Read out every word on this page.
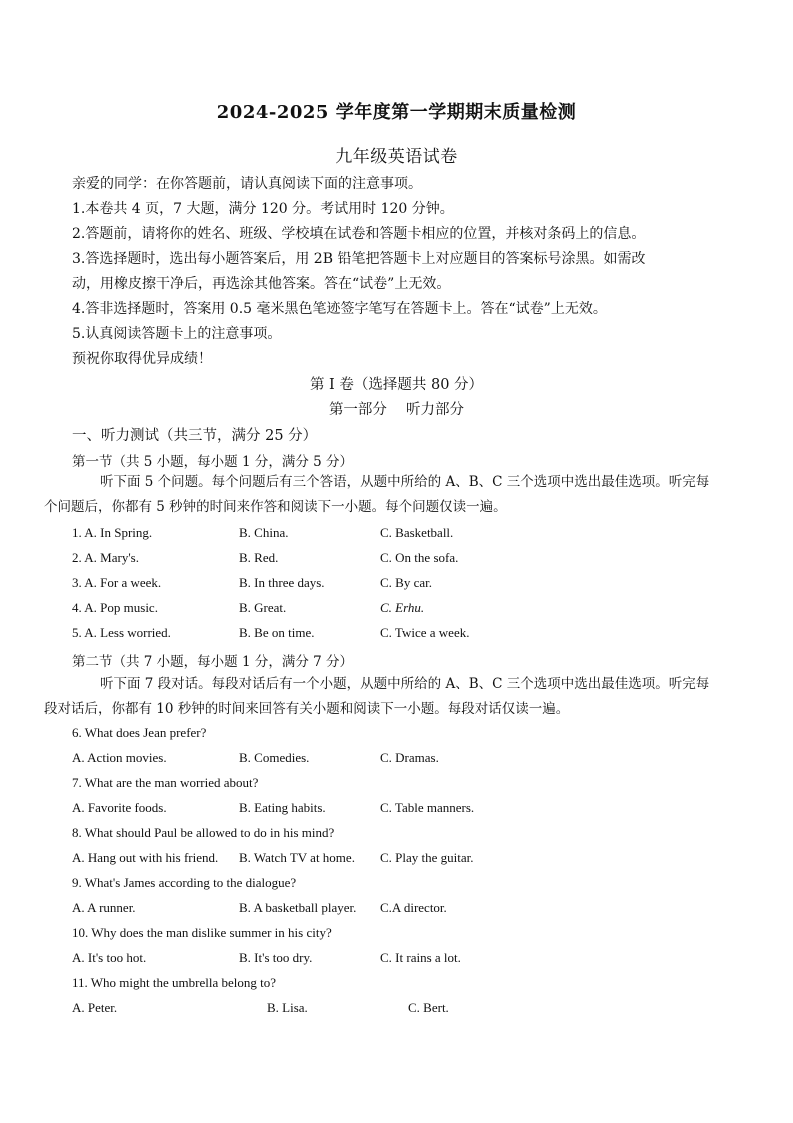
2024-2025 学年度第一学期期末质量检测
九年级英语试卷

亲爱的同学：在你答题前，请认真阅读下面的注意事项。

1.本卷共 4 页，7 大题，满分 120 分。考试用时 120 分钟。

2.答题前，请将你的姓名、班级、学校填在试卷和答题卡相应的位置，并核对条码上的信息。

3.答选择题时，选出每小题答案后，用 2B 铅笔把答题卡上对应题目的答案标号涂黑。如需改

动，用橡皮擦干净后，再选涂其他答案。答在“试卷”上无效。

4.答非选择题时，答案用 0.5 毫米黑色笔迹签字笔写在答题卡上。答在“试卷”上无效。

5.认真阅读答题卡上的注意事项。

预祝你取得优异成绩！

第 I 卷（选择题共 80 分）
第一部分　 听力部分
一、听力测试（共三节，满分 25 分）
第一节（共 5 小题，每小题 1 分，满分 5 分）

听下面 5 个问题。每个问题后有三个答语，从题中所给的 A、B、C 三个选项中选出最佳选项。听完每

个问题后，你都有 5 秒钟的时间来作答和阅读下一小题。每个问题仅读一遍。

1. A. In Spring.	B. China.	C. Basketball.
2. A. Mary's.	B. Red.	C. On the sofa.
3. A. For a week.	B. In three days.	C. By car.
4. A. Pop music.	B. Great.	C. Erhu.
5. A. Less worried.	B. Be on time.	C. Twice a week.
第二节（共 7 小题，每小题 1 分，满分 7 分）

听下面 7 段对话。每段对话后有一个小题，从题中所给的 A、B、C 三个选项中选出最佳选项。听完每

段对话后，你都有 10 秒钟的时间来回答有关小题和阅读下一小题。每段对话仅读一遍。

6. What does Jean prefer?
A. Action movies.	B. Comedies.	C. Dramas.
7. What are the man worried about?
A. Favorite foods.	B. Eating habits.	C. Table manners.
8. What should Paul be allowed to do in his mind?
A. Hang out with his friend. B. Watch TV at home. C. Play the guitar.
9. What's James according to the dialogue?
A. A runner.	B. A basketball player. C.A director.
10. Why does the man dislike summer in his city?
A. It's too hot.	B. It's too dry.	C. It rains a lot.
11. Who might the umbrella belong to?
A. Peter.	B. Lisa.	C. Bert.
